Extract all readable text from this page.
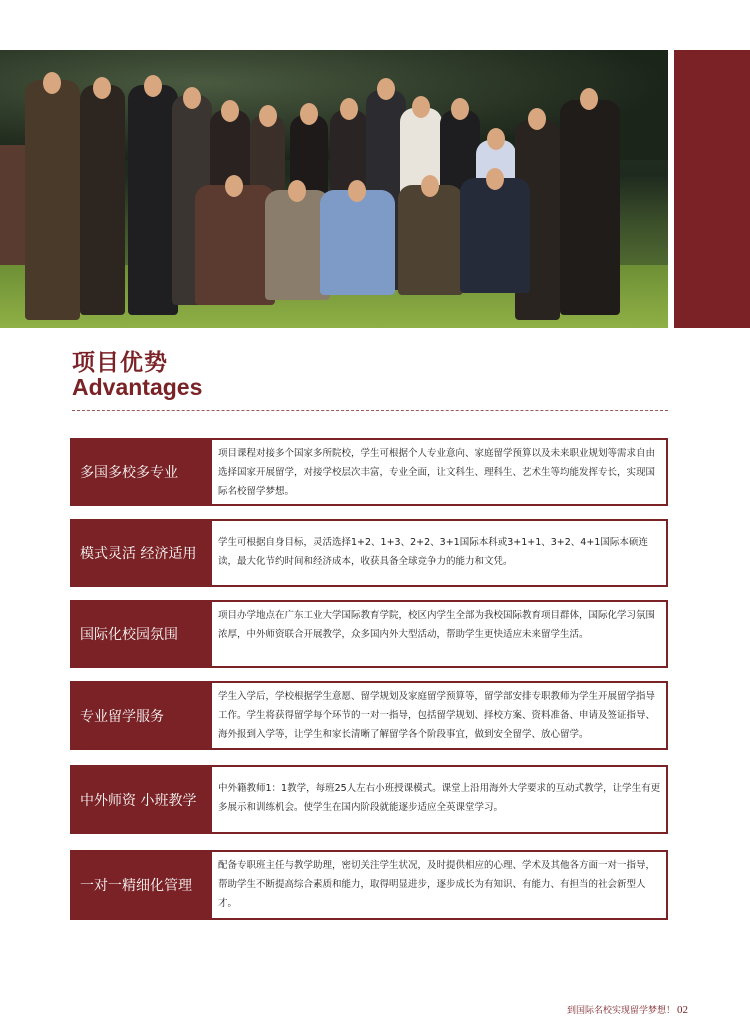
项目优势
Advantages
多国多校多专业
项目课程对接多个国家多所院校，学生可根据个人专业意向、家庭留学预算以及未来职业规划等需求自由选择国家开展留学，对接学校层次丰富，专业全面，让文科生、理科生、艺术生等均能发挥专长，实现国际名校留学梦想。
模式灵活 经济适用
学生可根据自身目标，灵活选择1+2、1+3、2+2、3+1国际本科或3+1+1、3+2、4+1国际本硕连读，最大化节约时间和经济成本，收获具备全球竞争力的能力和文凭。
国际化校园氛围
项目办学地点在广东工业大学国际教育学院，校区内学生全部为我校国际教育项目群体，国际化学习氛围浓厚，中外师资联合开展教学，众多国内外大型活动，帮助学生更快适应未来留学生活。
专业留学服务
学生入学后，学校根据学生意愿、留学规划及家庭留学预算等，留学部安排专职教师为学生开展留学指导工作。学生将获得留学每个环节的一对一指导，包括留学规划、择校方案、资料准备、申请及签证指导、海外报到入学等，让学生和家长清晰了解留学各个阶段事宜，做到安全留学、放心留学。
中外师资 小班教学
中外籍教师1：1教学，每班25人左右小班授课模式。课堂上沿用海外大学要求的互动式教学，让学生有更多展示和训练机会。使学生在国内阶段就能逐步适应全英课堂学习。
一对一精细化管理
配备专职班主任与教学助理，密切关注学生状况，及时提供相应的心理、学术及其他各方面一对一指导，帮助学生不断提高综合素质和能力，取得明显进步，逐步成长为有知识、有能力、有担当的社会新型人才。
到国际名校实现留学梦想！ 02
